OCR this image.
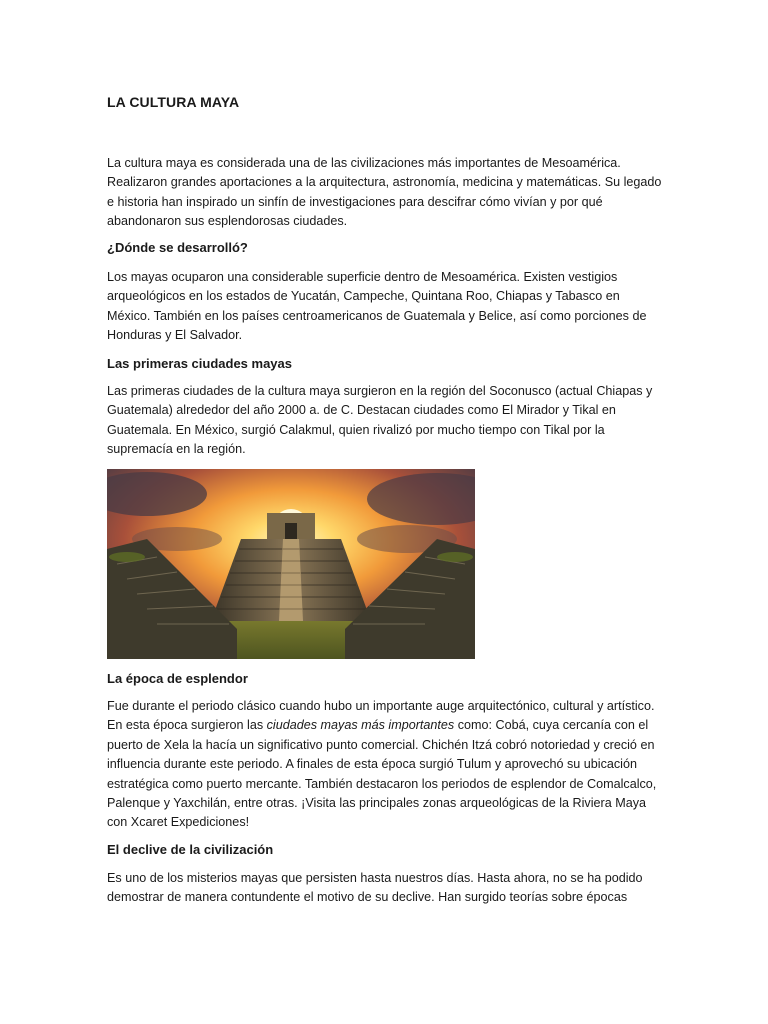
LA CULTURA MAYA

La cultura maya es considerada una de las civilizaciones más importantes de Mesoamérica. Realizaron grandes aportaciones a la arquitectura, astronomía, medicina y matemáticas. Su legado e historia han inspirado un sinfín de investigaciones para descifrar cómo vivían y por qué abandonaron sus esplendorosas ciudades.

¿Dónde se desarrolló?

Los mayas ocuparon una considerable superficie dentro de Mesoamérica. Existen vestigios arqueológicos en los estados de Yucatán, Campeche, Quintana Roo, Chiapas y Tabasco en México. También en los países centroamericanos de Guatemala y Belice, así como porciones de Honduras y El Salvador.

Las primeras ciudades mayas

Las primeras ciudades de la cultura maya surgieron en la región del Soconusco (actual Chiapas y Guatemala) alrededor del año 2000 a. de C. Destacan ciudades como El Mirador y Tikal en Guatemala. En México, surgió Calakmul, quien rivalizó por mucho tiempo con Tikal por la supremacía en la región.

La época de esplendor

Fue durante el periodo clásico cuando hubo un importante auge arquitectónico, cultural y artístico. En esta época surgieron las ciudades mayas más importantes como: Cobá, cuya cercanía con el puerto de Xela la hacía un significativo punto comercial. Chichén Itzá cobró notoriedad y creció en influencia durante este periodo. A finales de esta época surgió Tulum y aprovechó su ubicación estratégica como puerto mercante. También destacaron los periodos de esplendor de Comalcalco, Palenque y Yaxchilán, entre otras. ¡Visita las principales zonas arqueológicas de la Riviera Maya con Xcaret Expediciones!

El declive de la civilización

Es uno de los misterios mayas que persisten hasta nuestros días. Hasta ahora, no se ha podido demostrar de manera contundente el motivo de su declive. Han surgido teorías sobre épocas
